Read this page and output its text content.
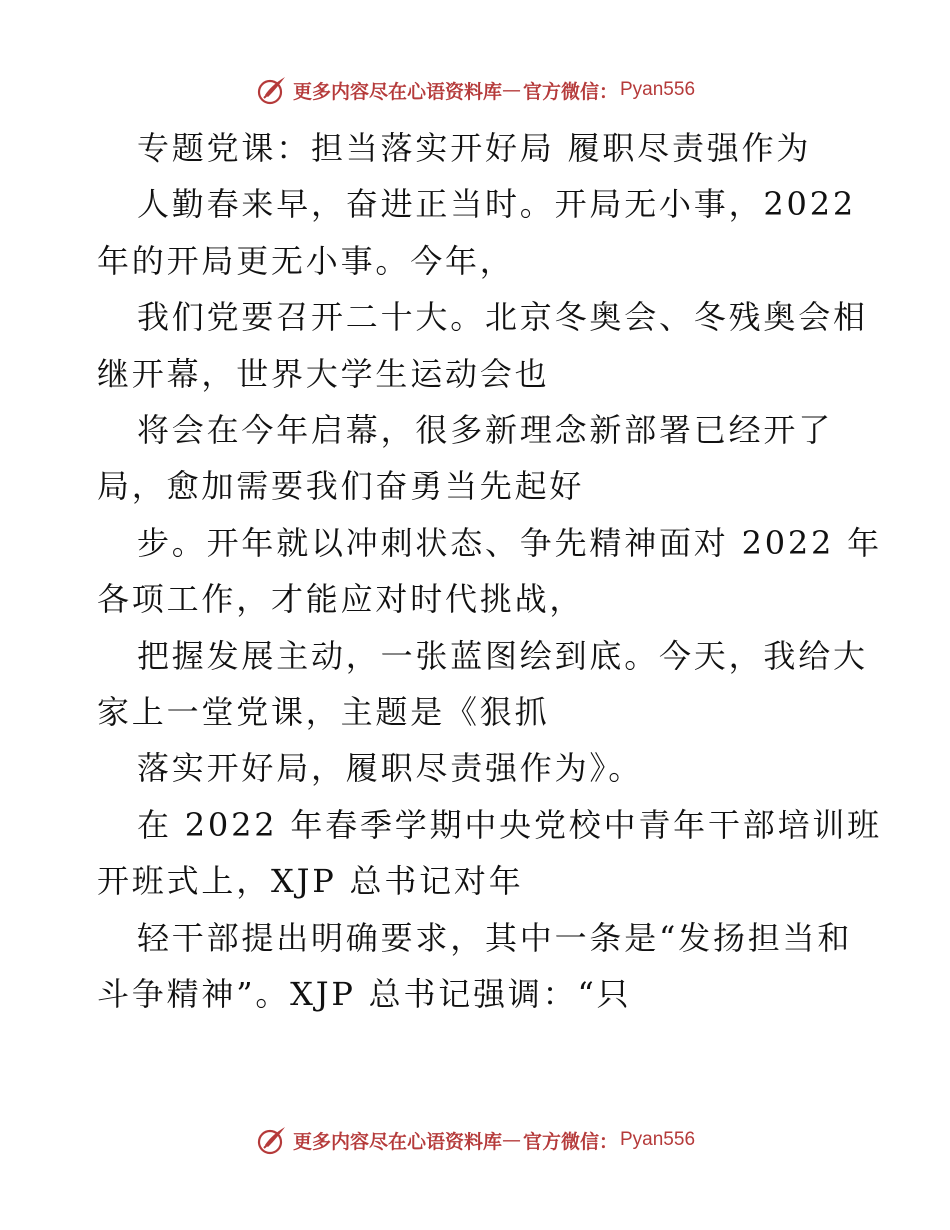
更多内容尽在心语资料库 — 官方微信： Pyan556

专题党课：担当落实开好局 履职尽责强作为

人勤春来早，奋进正当时。开局无小事，2022

年的开局更无小事。今年，

我们党要召开二十大。北京冬奥会、冬残奥会相

继开幕，世界大学生运动会也

将会在今年启幕，很多新理念新部署已经开了

局，愈加需要我们奋勇当先起好

步。开年就以冲刺状态、争先精神面对 2022 年

各项工作，才能应对时代挑战，

把握发展主动，一张蓝图绘到底。今天，我给大

家上一堂党课，主题是《狠抓

落实开好局，履职尽责强作为》。

在 2022 年春季学期中央党校中青年干部培训班

开班式上，XJP 总书记对年

轻干部提出明确要求，其中一条是“发扬担当和

斗争精神”。XJP 总书记强调：“只

更多内容尽在心语资料库 — 官方微信： Pyan556
